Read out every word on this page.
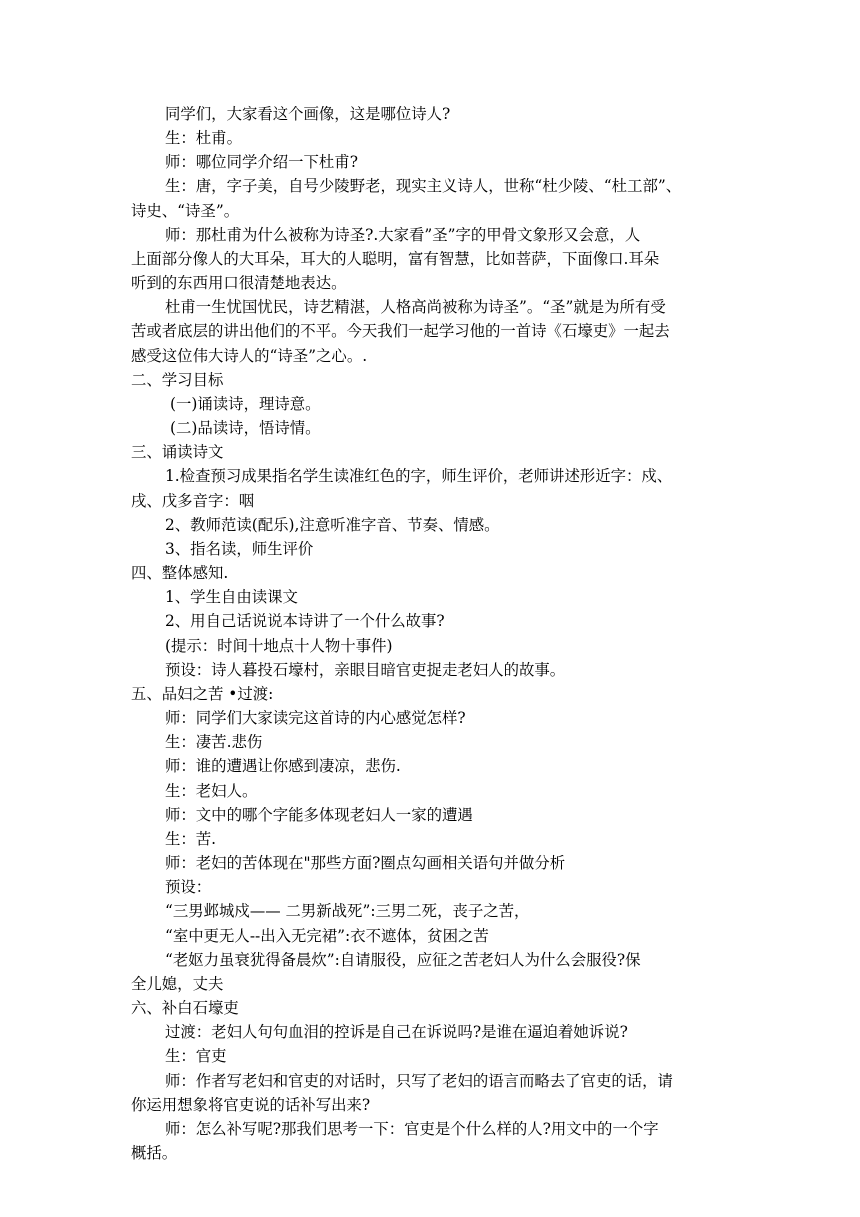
同学们，大家看这个画像，这是哪位诗人?
生：杜甫。
师：哪位同学介绍一下杜甫?
生：唐，字子美，自号少陵野老，现实主义诗人，世称“杜少陵、“杜工部”、
诗史、“诗圣”。
师：那杜甫为什么被称为诗圣?.大家看”圣”字的甲骨文象形又会意，人
上面部分像人的大耳朵，耳大的人聪明，富有智慧，比如菩萨，下面像口.耳朵
听到的东西用口很清楚地表达。
杜甫一生忧国忧民，诗艺精湛，人格高尚被称为诗圣”。“圣”就是为所有受
苦或者底层的讲出他们的不平。今天我们一起学习他的一首诗《石壕吏》一起去
感受这位伟大诗人的“诗圣”之心。.
二、学习目标
(一)诵读诗，理诗意。
(二)品读诗，悟诗情。
三、诵读诗文
1.检查预习成果指名学生读准红色的字，师生评价，老师讲述形近字：戍、
戌、戊多音字：咽
2、教师范读(配乐),注意听准字音、节奏、情感。
3、指名读，师生评价
四、整体感知.
1、学生自由读课文
2、用自己话说说本诗讲了一个什么故事?
(提示：时间十地点十人物十事件)
预设：诗人暮投石壕村，亲眼目暗官吏捉走老妇人的故事。
五、品妇之苦 •过渡:
师：同学们大家读完这首诗的内心感觉怎样?
生：凄苦.悲伤
师：谁的遭遇让你感到凄凉，悲伤.
生：老妇人。
师：文中的哪个字能多体现老妇人一家的遭遇
生：苦.
师：老妇的苦体现在"那些方面?圈点勾画相关语句并做分析
预设：
“三男邺城戍—— 二男新战死”:三男二死，丧子之苦，
“室中更无人--出入无完裙”:衣不遮体，贫困之苦
“老妪力虽衰犹得备晨炊”:自请服役，应征之苦老妇人为什么会服役?保
全儿媳，丈夫
六、补白石壕吏
过渡：老妇人句句血泪的控诉是自己在诉说吗?是谁在逼迫着她诉说?
生：官吏
师：作者写老妇和官吏的对话时，只写了老妇的语言而略去了官吏的话，请
你运用想象将官吏说的话补写出来?
师：怎么补写呢?那我们思考一下：官吏是个什么样的人?用文中的一个字
概括。
